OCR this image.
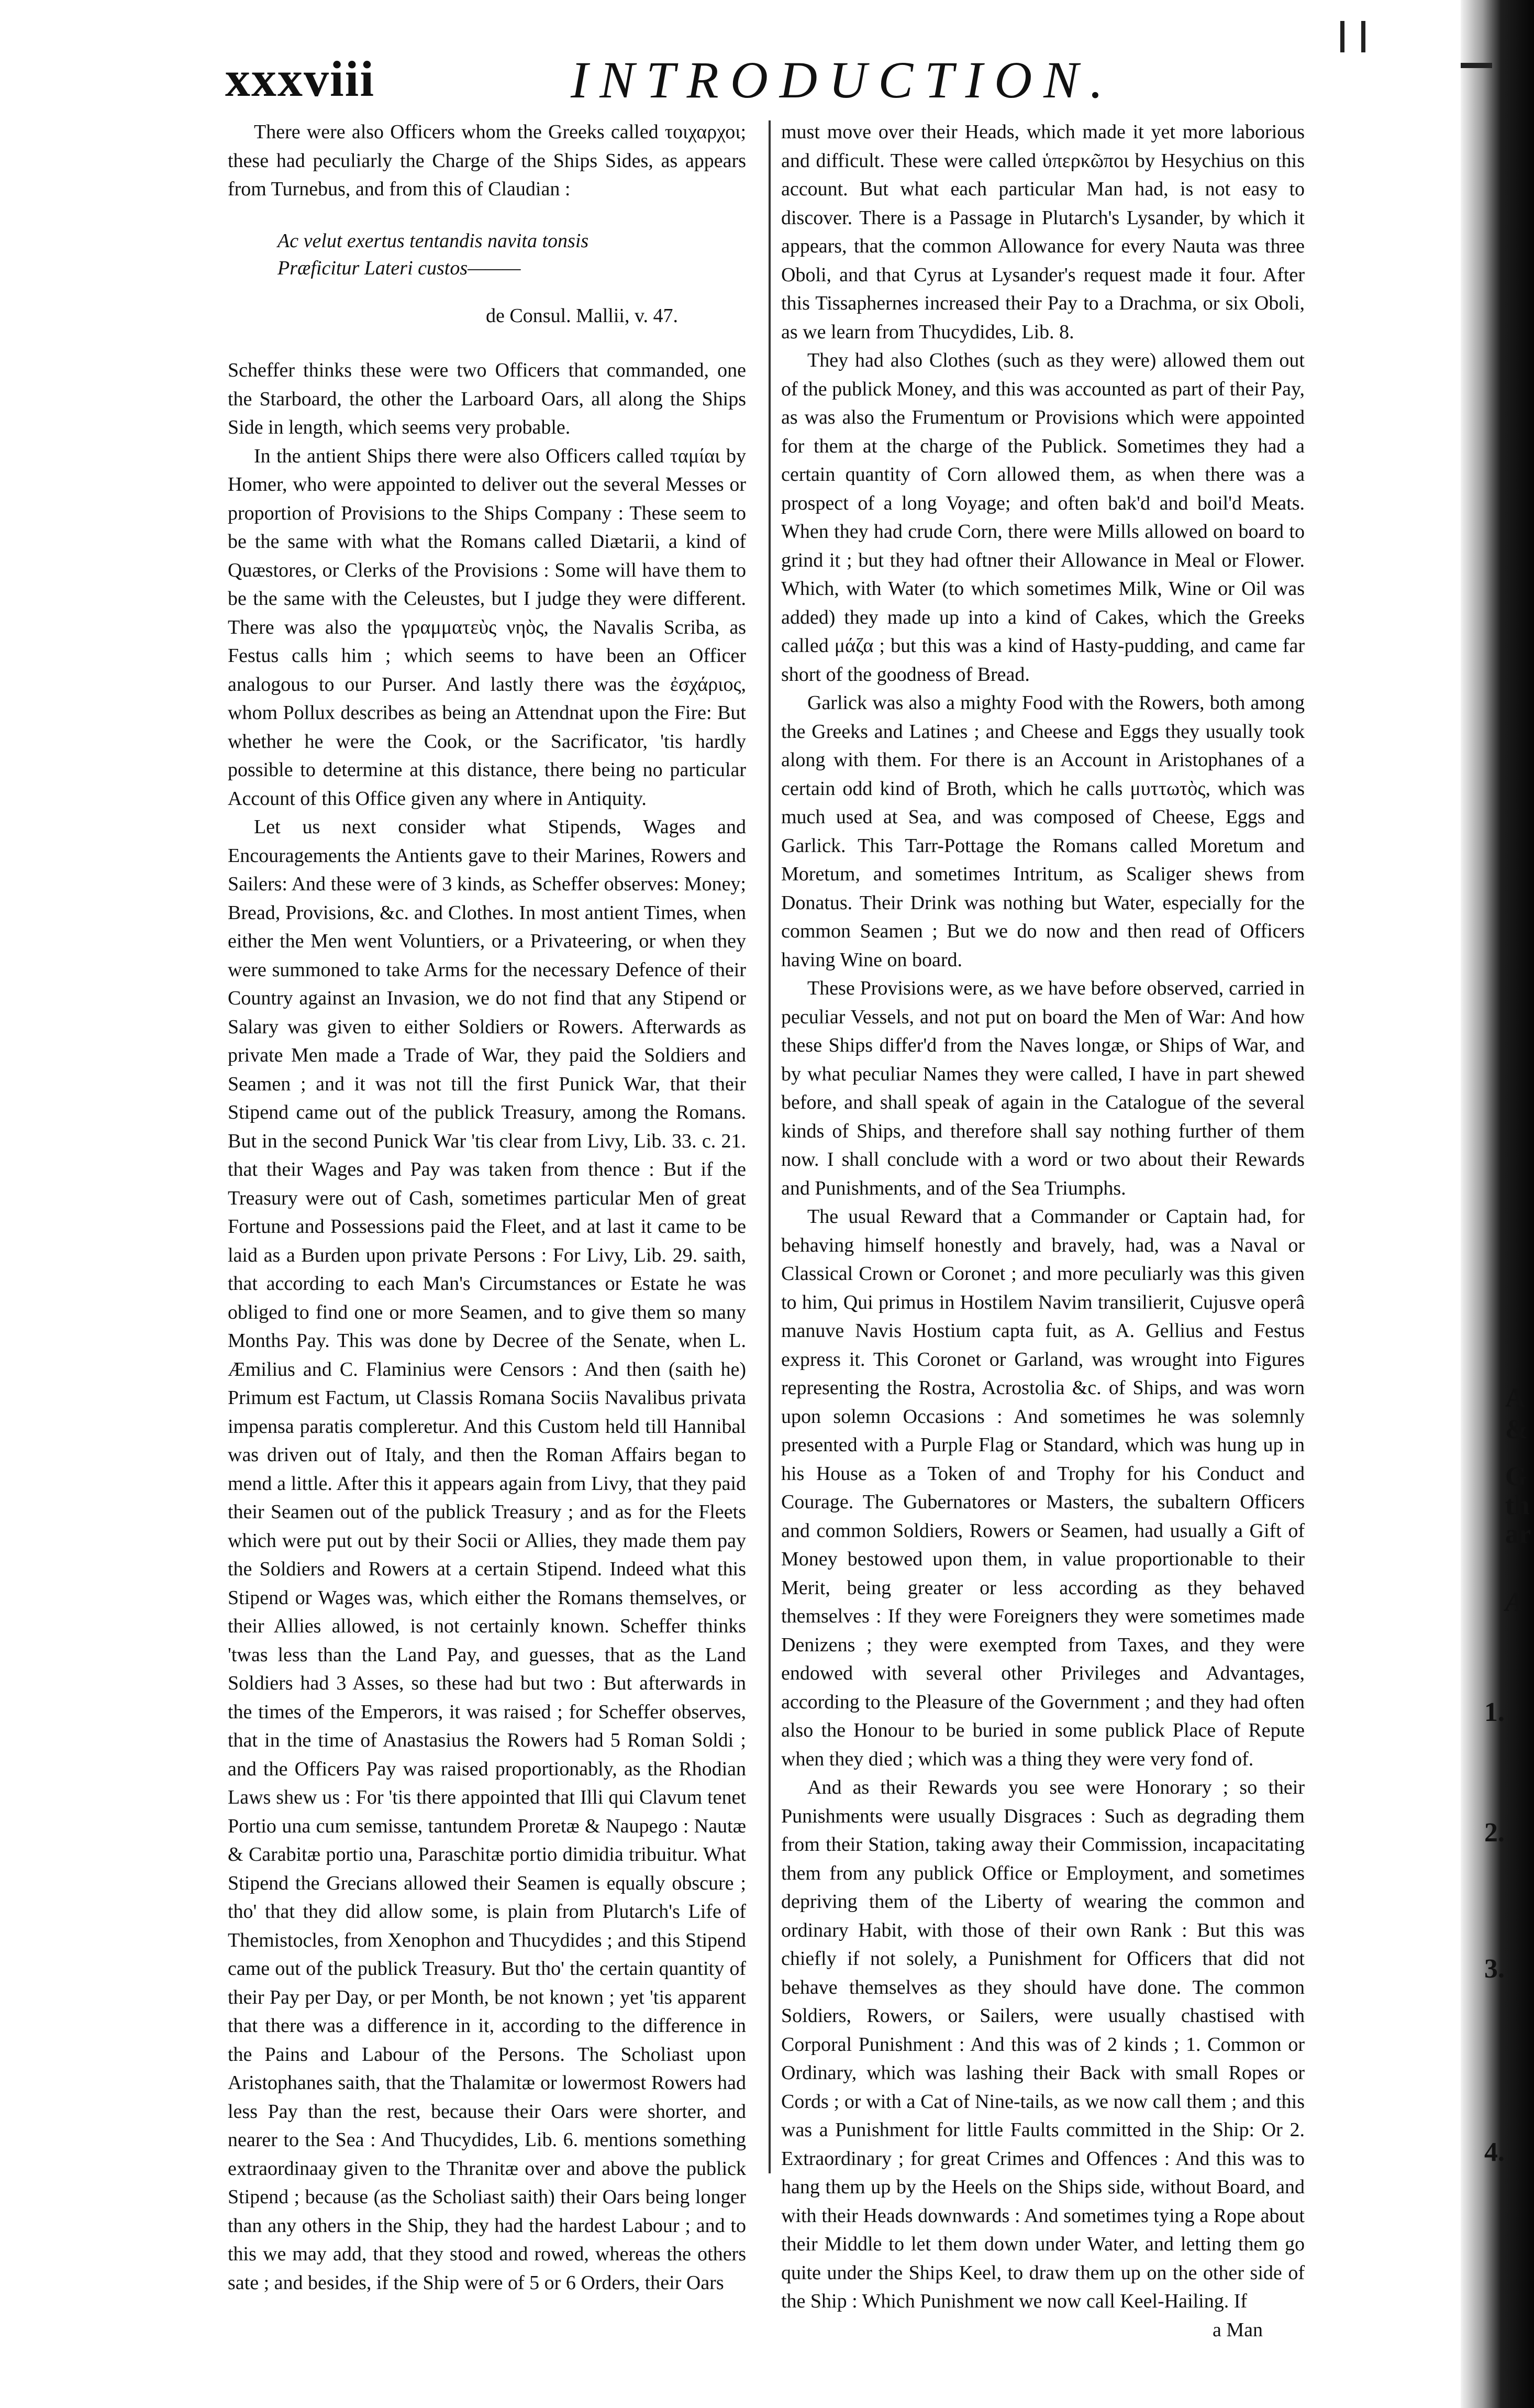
xxxviii	INTRODUCTION.

There were also Officers whom the Greeks called τοιχαρχοι; these had peculiarly the Charge of the Ships Sides, as appears from Turnebus, and from this of Claudian :

Ac velut exertus tentandis navita tonsis
Præficitur Lateri custos———
de Consul. Mallii, v. 47.

Scheffer thinks these were two Officers that commanded, one the Starboard, the other the Larboard Oars, all along the Ships Side in length, which seems very probable.

In the antient Ships there were also Officers called ταμίαι by Homer, who were appointed to deliver out the several Messes or proportion of Provisions to the Ships Company : These seem to be the same with what the Romans called Diætarii, a kind of Quæstores, or Clerks of the Provisions : Some will have them to be the same with the Celeustes, but I judge they were different. There was also the γραμματεὺς νηὸς, the Navalis Scriba, as Festus calls him ; which seems to have been an Officer analogous to our Purser. And lastly there was the ἐσχάριος, whom Pollux describes as being an Attendnat upon the Fire: But whether he were the Cook, or the Sacrificator, 'tis hardly possible to determine at this distance, there being no particular Account of this Office given any where in Antiquity.

Let us next consider what Stipends, Wages and Encouragements the Antients gave to their Marines, Rowers and Sailers: And these were of 3 kinds, as Scheffer observes: Money; Bread, Provisions, &c. and Clothes. In most antient Times, when either the Men went Voluntiers, or a Privateering, or when they were summoned to take Arms for the necessary Defence of their Country against an Invasion, we do not find that any Stipend or Salary was given to either Soldiers or Rowers. Afterwards as private Men made a Trade of War, they paid the Soldiers and Seamen ; and it was not till the first Punick War, that their Stipend came out of the publick Treasury, among the Romans. But in the second Punick War 'tis clear from Livy, Lib. 33. c. 21. that their Wages and Pay was taken from thence : But if the Treasury were out of Cash, sometimes particular Men of great Fortune and Possessions paid the Fleet, and at last it came to be laid as a Burden upon private Persons : For Livy, Lib. 29. saith, that according to each Man's Circumstances or Estate he was obliged to find one or more Seamen, and to give them so many Months Pay. This was done by Decree of the Senate, when L. Æmilius and C. Flaminius were Censors : And then (saith he) Primum est Factum, ut Classis Romana Sociis Navalibus privata impensa paratis compleretur. And this Custom held till Hannibal was driven out of Italy, and then the Roman Affairs began to mend a little. After this it appears again from Livy, that they paid their Seamen out of the publick Treasury ; and as for the Fleets which were put out by their Socii or Allies, they made them pay the Soldiers and Rowers at a certain Stipend. Indeed what this Stipend or Wages was, which either the Romans themselves, or their Allies allowed, is not certainly known. Scheffer thinks 'twas less than the Land Pay, and guesses, that as the Land Soldiers had 3 Asses, so these had but two : But afterwards in the times of the Emperors, it was raised ; for Scheffer observes, that in the time of Anastasius the Rowers had 5 Roman Soldi ; and the Officers Pay was raised proportionably, as the Rhodian Laws shew us : For 'tis there appointed that Illi qui Clavum tenet Portio una cum semisse, tantundem Proretæ & Naupego : Nautæ & Carabitæ portio una, Paraschitæ portio dimidia tribuitur. What Stipend the Grecians allowed their Seamen is equally obscure ; tho' that they did allow some, is plain from Plutarch's Life of Themistocles, from Xenophon and Thucydides ; and this Stipend came out of the publick Treasury. But tho' the certain quantity of their Pay per Day, or per Month, be not known ; yet 'tis apparent that there was a difference in it, according to the difference in the Pains and Labour of the Persons. The Scholiast upon Aristophanes saith, that the Thalamitæ or lowermost Rowers had less Pay than the rest, because their Oars were shorter, and nearer to the Sea : And Thucydides, Lib. 6. mentions something extraordinaay given to the Thranitæ over and above the publick Stipend ; because (as the Scholiast saith) their Oars being longer than any others in the Ship, they had the hardest Labour ; and to this we may add, that they stood and rowed, whereas the others sate ; and besides, if the Ship were of 5 or 6 Orders, their Oars

must move over their Heads, which made it yet more laborious and difficult. These were called ὑπερκῶποι by Hesychius on this account. But what each particular Man had, is not easy to discover. There is a Passage in Plutarch's Lysander, by which it appears, that the common Allowance for every Nauta was three Oboli, and that Cyrus at Lysander's request made it four. After this Tissaphernes increased their Pay to a Drachma, or six Oboli, as we learn from Thucydides, Lib. 8.

They had also Clothes (such as they were) allowed them out of the publick Money, and this was accounted as part of their Pay, as was also the Frumentum or Provisions which were appointed for them at the charge of the Publick. Sometimes they had a certain quantity of Corn allowed them, as when there was a prospect of a long Voyage; and often bak'd and boil'd Meats. When they had crude Corn, there were Mills allowed on board to grind it ; but they had oftner their Allowance in Meal or Flower. Which, with Water (to which sometimes Milk, Wine or Oil was added) they made up into a kind of Cakes, which the Greeks called μάζα ; but this was a kind of Hasty-pudding, and came far short of the goodness of Bread.

Garlick was also a mighty Food with the Rowers, both among the Greeks and Latines ; and Cheese and Eggs they usually took along with them. For there is an Account in Aristophanes of a certain odd kind of Broth, which he calls μυττωτὸς, which was much used at Sea, and was composed of Cheese, Eggs and Garlick. This Tarr-Pottage the Romans called Moretum and Moretum, and sometimes Intritum, as Scaliger shews from Donatus. Their Drink was nothing but Water, especially for the common Seamen ; But we do now and then read of Officers having Wine on board.

These Provisions were, as we have before observed, carried in peculiar Vessels, and not put on board the Men of War: And how these Ships differ'd from the Naves longæ, or Ships of War, and by what peculiar Names they were called, I have in part shewed before, and shall speak of again in the Catalogue of the several kinds of Ships, and therefore shall say nothing further of them now. I shall conclude with a word or two about their Rewards and Punishments, and of the Sea Triumphs.

The usual Reward that a Commander or Captain had, for behaving himself honestly and bravely, had, was a Naval or Classical Crown or Coronet ; and more peculiarly was this given to him, Qui primus in Hostilem Navim transilierit, Cujusve operâ manuve Navis Hostium capta fuit, as A. Gellius and Festus express it. This Coronet or Garland, was wrought into Figures representing the Rostra, Acrostolia &c. of Ships, and was worn upon solemn Occasions : And sometimes he was solemnly presented with a Purple Flag or Standard, which was hung up in his House as a Token of and Trophy for his Conduct and Courage. The Gubernatores or Masters, the subaltern Officers and common Soldiers, Rowers or Seamen, had usually a Gift of Money bestowed upon them, in value proportionable to their Merit, being greater or less according as they behaved themselves : If they were Foreigners they were sometimes made Denizens ; they were exempted from Taxes, and they were endowed with several other Privileges and Advantages, according to the Pleasure of the Government ; and they had often also the Honour to be buried in some publick Place of Repute when they died ; which was a thing they were very fond of.

And as their Rewards you see were Honorary ; so their Punishments were usually Disgraces : Such as degrading them from their Station, taking away their Commission, incapacitating them from any publick Office or Employment, and sometimes depriving them of the Liberty of wearing the common and ordinary Habit, with those of their own Rank : But this was chiefly if not solely, a Punishment for Officers that did not behave themselves as they should have done. The common Soldiers, Rowers, or Sailers, were usually chastised with Corporal Punishment : And this was of 2 kinds ; 1. Common or Ordinary, which was lashing their Back with small Ropes or Cords ; or with a Cat of Nine-tails, as we now call them ; and this was a Punishment for little Faults committed in the Ship: Or 2. Extraordinary ; for great Crimes and Offences : And this was to hang them up by the Heels on the Ships side, without Board, and with their Heads downwards : And sometimes tying a Rope about their Middle to let them down under Water, and letting them go quite under the Ships Keel, to draw them up on the other side of the Ship : Which Punishment we now call Keel-Hailing. If

a Man
A
&
G
th
ar
A
1.
2.
3.
4.
